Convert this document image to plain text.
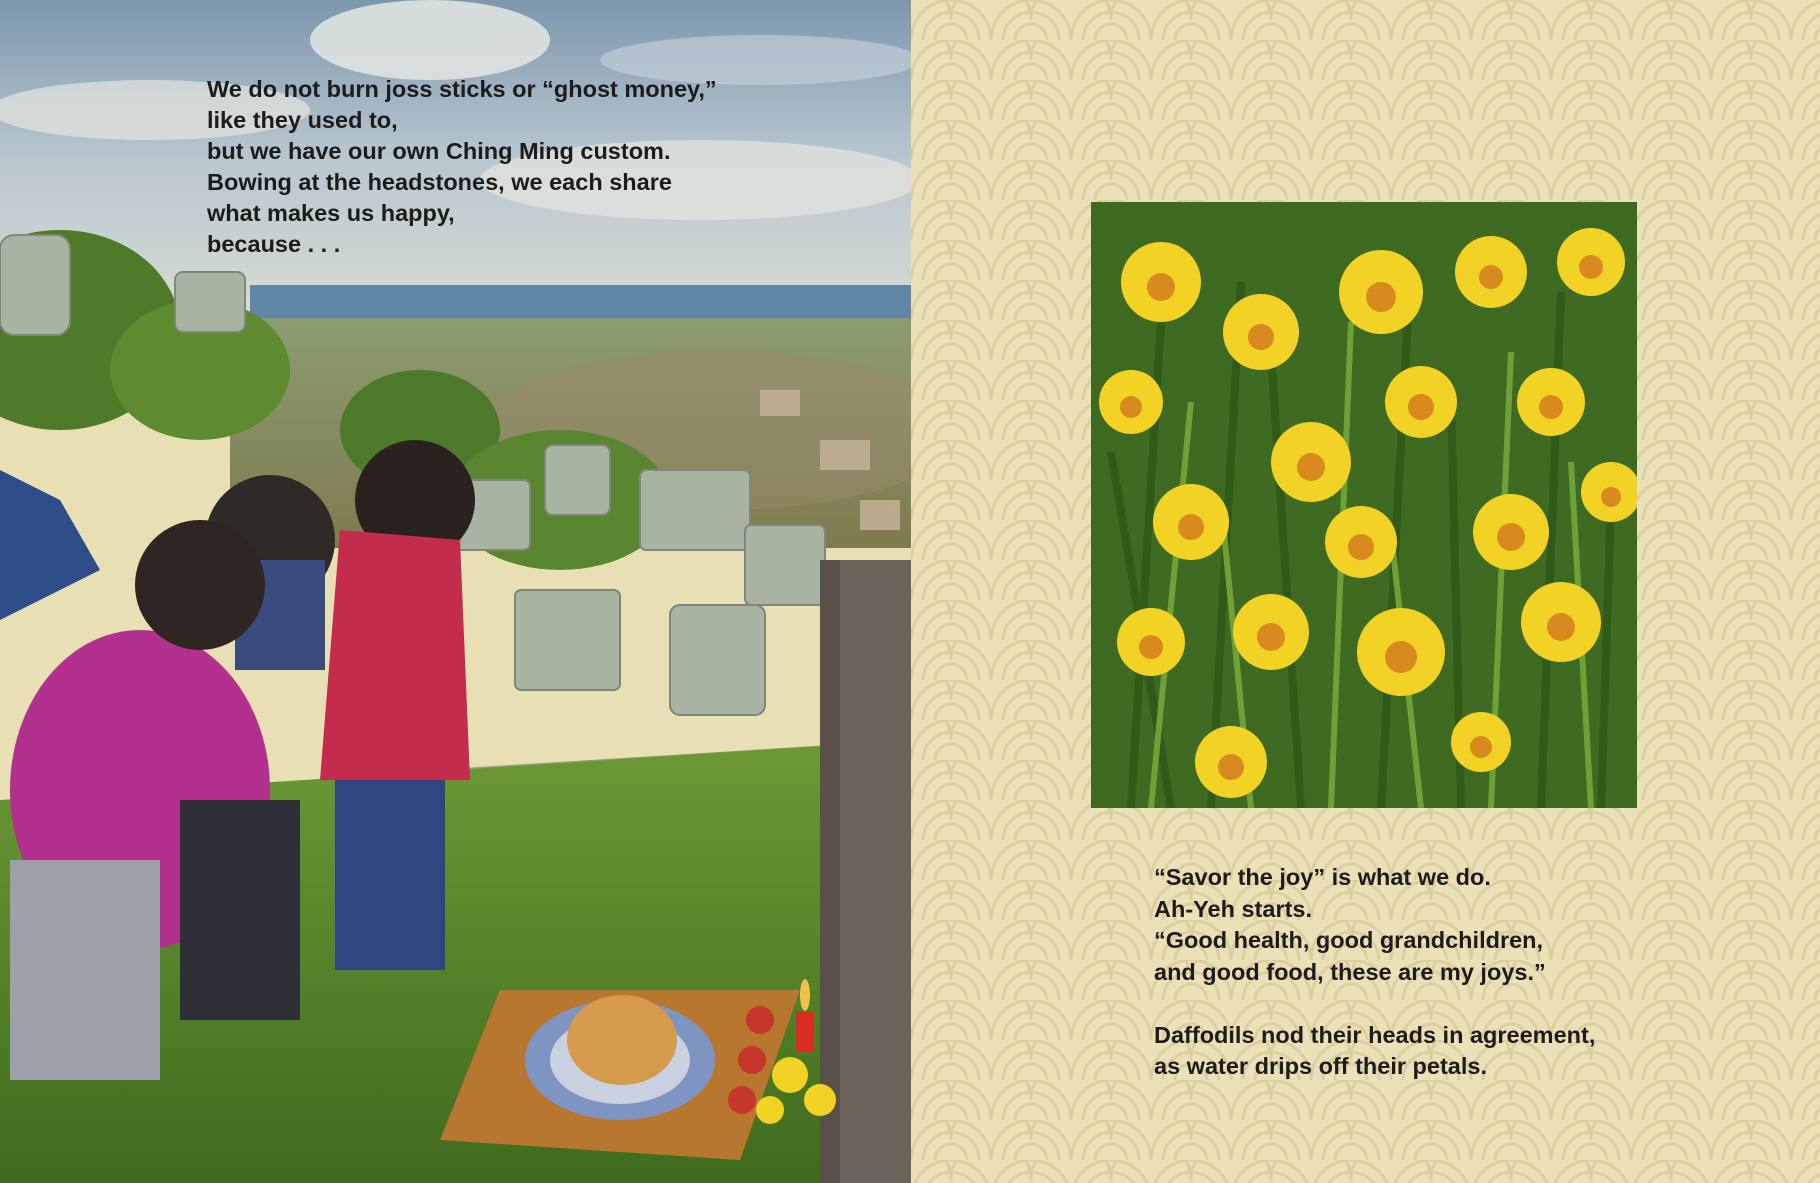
We do not burn joss sticks or “ghost money,”
like they used to,
but we have our own Ching Ming custom.
Bowing at the headstones, we each share
what makes us happy,
because . . .
“Savor the joy” is what we do.
Ah-Yeh starts.
“Good health, good grandchildren,
and good food, these are my joys.”
Daffodils nod their heads in agreement,
as water drips off their petals.
